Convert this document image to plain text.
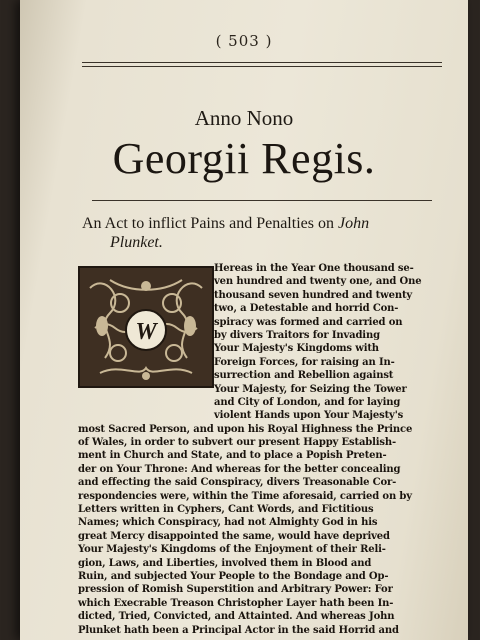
( 503 )
Anno Nono
Georgii Regis.
An Act to inflict Pains and Penalties on John
Plunket.
W
Hereas in the Year One thousand se-
ven hundred and twenty one, and One
thousand seven hundred and twenty
two, a Detestable and horrid Con-
spiracy was formed and carried on
by divers Traitors for Invading
Your Majesty's Kingdoms with
Foreign Forces, for raising an In-
surrection and Rebellion against
Your Majesty, for Seizing the Tower
and City of London, and for laying
violent Hands upon Your Majesty's
most Sacred Person, and upon his Royal Highness the Prince
of Wales, in order to subvert our present Happy Establish-
ment in Church and State, and to place a Popish Preten-
der on Your Throne: And whereas for the better concealing
and effecting the said Conspiracy, divers Treasonable Cor-
respondencies were, within the Time aforesaid, carried on by
Letters written in Cyphers, Cant Words, and Fictitious
Names; which Conspiracy, had not Almighty God in his
great Mercy disappointed the same, would have deprived
Your Majesty's Kingdoms of the Enjoyment of their Reli-
gion, Laws, and Liberties, involved them in Blood and
Ruin, and subjected Your People to the Bondage and Op-
pression of Romish Superstition and Arbitrary Power: For
which Execrable Treason Christopher Layer hath been In-
dicted, Tried, Convicted, and Attainted. And whereas John
Plunket hath been a Principal Actor in the said Horrid and
